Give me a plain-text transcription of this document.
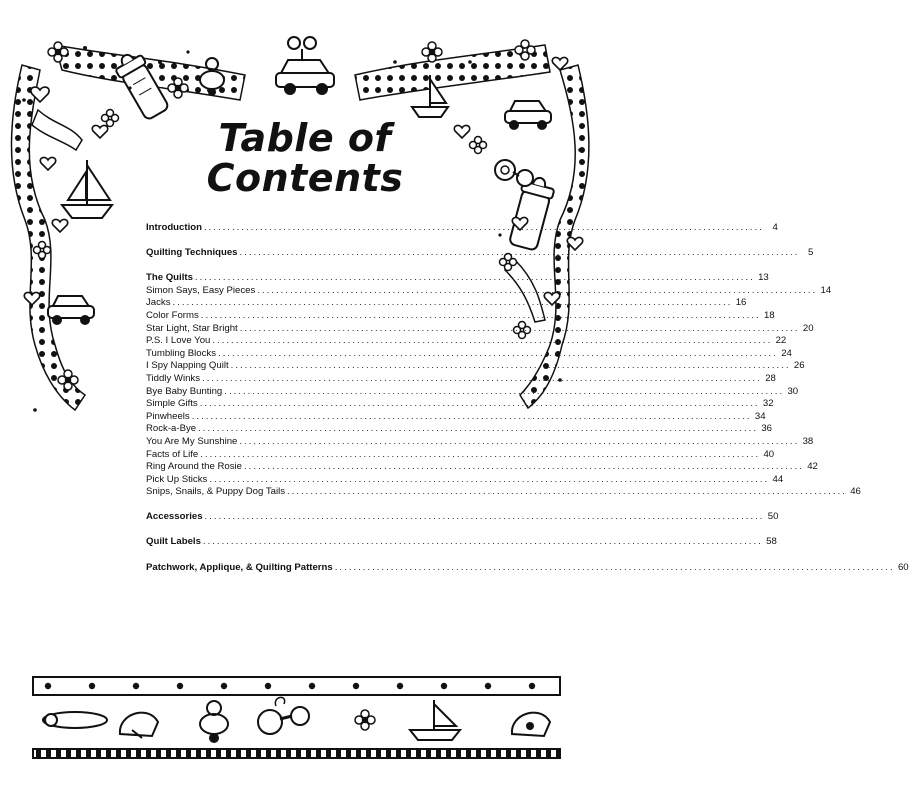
Table of
Contents
Introduction ........................................................................................................................ 4
Quilting Techniques ........................................................................................................................ 5
The Quilts ........................................................................................................................ 13
Simon Says, Easy Pieces ........................................................................................................................ 14
Jacks ........................................................................................................................ 16
Color Forms ........................................................................................................................ 18
Star Light, Star Bright ........................................................................................................................ 20
P.S. I Love You ........................................................................................................................ 22
Tumbling Blocks ........................................................................................................................ 24
I Spy Napping Quilt ........................................................................................................................ 26
Tiddly Winks ........................................................................................................................ 28
Bye Baby Bunting ........................................................................................................................ 30
Simple Gifts ........................................................................................................................ 32
Pinwheels ........................................................................................................................ 34
Rock-a-Bye ........................................................................................................................ 36
You Are My Sunshine ........................................................................................................................ 38
Facts of Life ........................................................................................................................ 40
Ring Around the Rosie ........................................................................................................................ 42
Pick Up Sticks ........................................................................................................................ 44
Snips, Snails, & Puppy Dog Tails ........................................................................................................................ 46
Accessories ........................................................................................................................ 50
Quilt Labels ........................................................................................................................ 58
Patchwork, Applique, & Quilting Patterns ........................................................................................................................ 60
